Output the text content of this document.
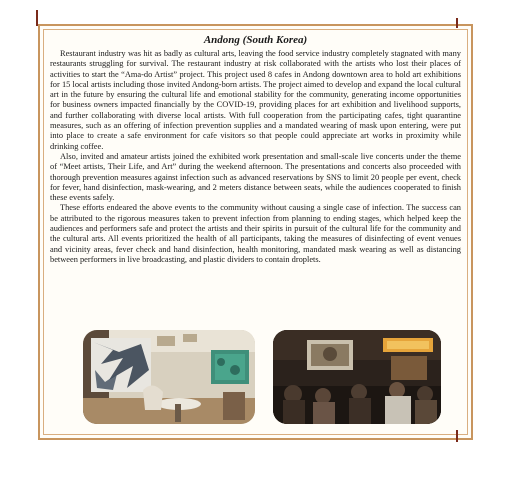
Andong (South Korea)

Restaurant industry was hit as badly as cultural arts, leaving the food service industry completely stagnated with many restaurants struggling for survival. The restaurant industry at risk collaborated with the artists who lost their places of activities to start the “Ama-do Artist” project. This project used 8 cafes in Andong downtown area to hold art exhibitions for 15 local artists including those invited Andong-born artists. The project aimed to develop and expand the local cultural art in the future by ensuring the cultural life and emotional stability for the community, generating income opportunities for business owners impacted financially by the COVID-19, providing places for art exhibition and livelihood supports, and further collaborating with diverse local artists. With full cooperation from the participating cafes, tight quarantine measures, such as an offering of infection prevention supplies and a mandated wearing of mask upon entering, were put into place to create a safe environment for cafe visitors so that people could appreciate art works in proximity while drinking coffee.

Also, invited and amateur artists joined the exhibited work presentation and small-scale live concerts under the theme of “Meet artists, Their Life, and Art” during the weekend afternoon. The presentations and concerts also proceeded with thorough prevention measures against infection such as advanced reservations by SNS to limit 20 people per event, check for fever, hand disinfection, mask-wearing, and 2 meters distance between seats, while the audiences cooperated to finish these events safely.

These efforts endeared the above events to the community without causing a single case of infection. The success can be attributed to the rigorous measures taken to prevent infection from planning to ending stages, which helped keep the audiences and performers safe and protect the artists and their spirits in pursuit of the cultural life for the community and the cultural arts. All events prioritized the health of all participants, taking the measures of disinfecting of event venues and vicinity areas, fever check and hand disinfection, health monitoring, mandated mask wearing as well as distancing between performers in live broadcasting, and plastic dividers to contain droplets.
